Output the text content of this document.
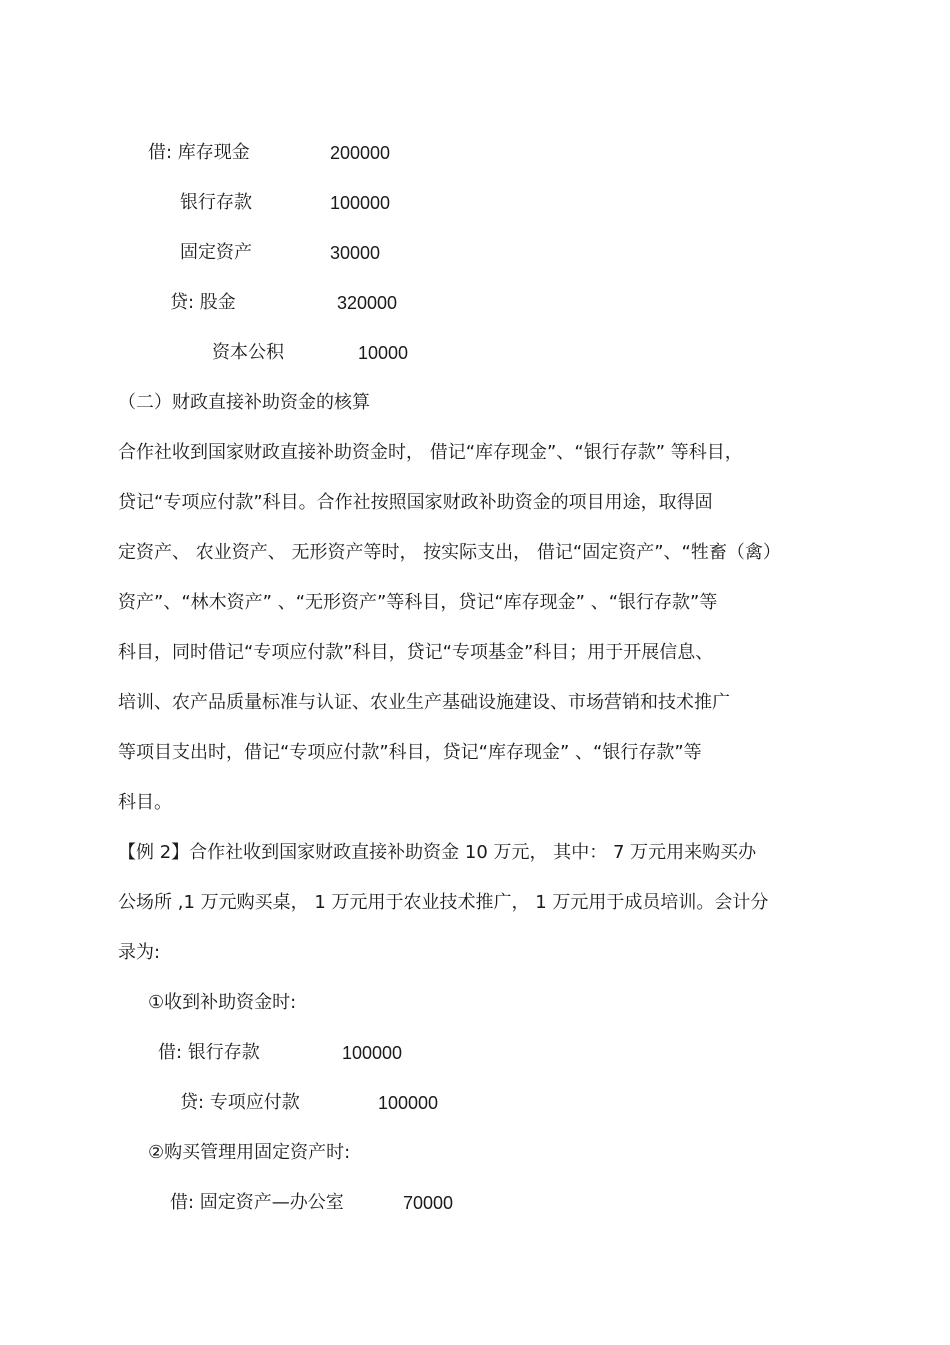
借: 库存现金	200000
银行存款	100000
固定资产	30000
贷: 股金	320000
资本公积	10000
（二）财政直接补助资金的核算
合作社收到国家财政直接补助资金时， 借记“库存现金”、“银行存款” 等科目，
贷记“专项应付款”科目。合作社按照国家财政补助资金的项目用途，取得固
定资产、 农业资产、 无形资产等时， 按实际支出， 借记“固定资产”、“牲畜（禽）
资产”、“林木资产” 、“无形资产”等科目，贷记“库存现金” 、“银行存款”等
科目，同时借记“专项应付款”科目，贷记“专项基金”科目；用于开展信息、
培训、农产品质量标准与认证、农业生产基础设施建设、市场营销和技术推广
等项目支出时，借记“专项应付款”科目，贷记“库存现金” 、“银行存款”等
科目。
【例 2】合作社收到国家财政直接补助资金 10 万元， 其中： 7 万元用来购买办
公场所 ,1 万元购买桌， 1 万元用于农业技术推广， 1 万元用于成员培训。会计分
录为:
①收到补助资金时:
借: 银行存款	100000
贷: 专项应付款	100000
②购买管理用固定资产时:
借: 固定资产—办公室	70000
